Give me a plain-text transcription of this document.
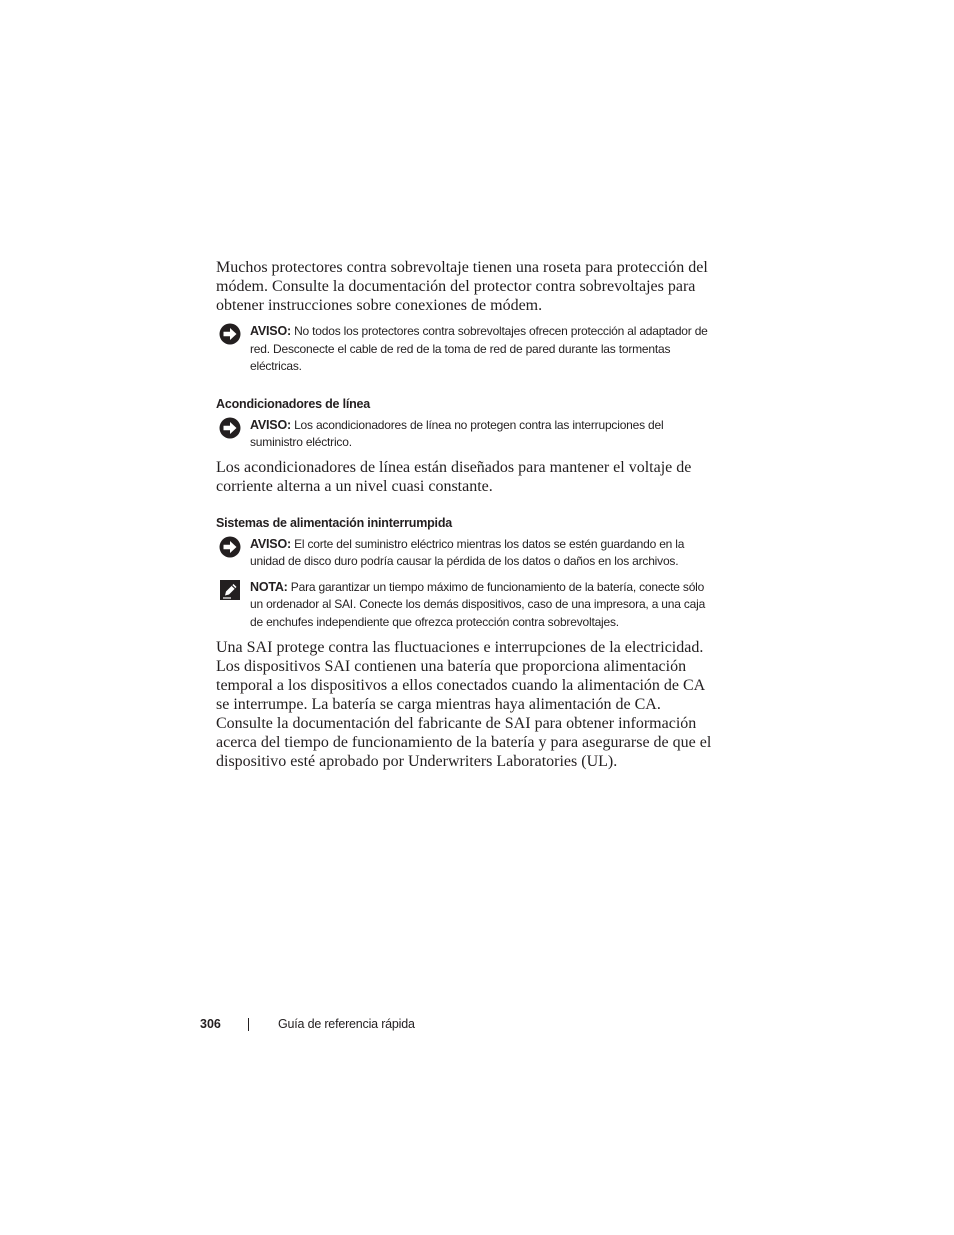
Muchos protectores contra sobrevoltaje tienen una roseta para protección del módem. Consulte la documentación del protector contra sobrevoltajes para obtener instrucciones sobre conexiones de módem.

AVISO: No todos los protectores contra sobrevoltajes ofrecen protección al adaptador de red. Desconecte el cable de red de la toma de red de pared durante las tormentas eléctricas.
Acondicionadores de línea
AVISO: Los acondicionadores de línea no protegen contra las interrupciones del suministro eléctrico.

Los acondicionadores de línea están diseñados para mantener el voltaje de corriente alterna a un nivel cuasi constante.

Sistemas de alimentación ininterrumpida
AVISO: El corte del suministro eléctrico mientras los datos se estén guardando en la unidad de disco duro podría causar la pérdida de los datos o daños en los archivos.
NOTA: Para garantizar un tiempo máximo de funcionamiento de la batería, conecte sólo un ordenador al SAI. Conecte los demás dispositivos, caso de una impresora, a una caja de enchufes independiente que ofrezca protección contra sobrevoltajes.

Una SAI protege contra las fluctuaciones e interrupciones de la electricidad. Los dispositivos SAI contienen una batería que proporciona alimentación temporal a los dispositivos a ellos conectados cuando la alimentación de CA se interrumpe. La batería se carga mientras haya alimentación de CA. Consulte la documentación del fabricante de SAI para obtener información acerca del tiempo de funcionamiento de la batería y para asegurarse de que el dispositivo esté aprobado por Underwriters Laboratories (UL).

306	Guía de referencia rápida
